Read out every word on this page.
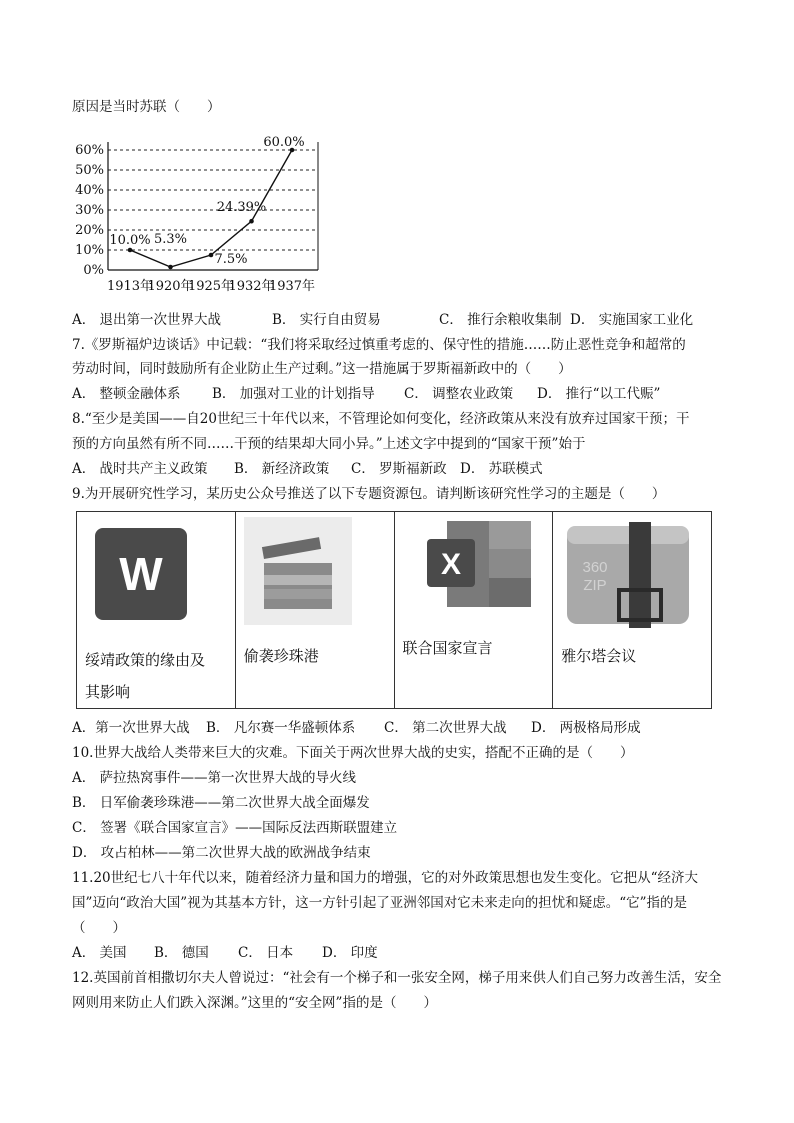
原因是当时苏联（　　）
0%
10%
20%
30%
40%
50%
60%
1913年
1920年
1925年
1932年
1937年
10.0% 5.3%
7.5%
24.39%
60.0%
A． 退出第一次世界大战	B． 实行自由贸易	C． 推行余粮收集制 D． 实施国家工业化
7.《罗斯福炉边谈话》中记载：“我们将采取经过慎重考虑的、保守性的措施……防止恶性竞争和超常的
劳动时间，同时鼓励所有企业防止生产过剩。”这一措施属于罗斯福新政中的（　　）
A． 整顿金融体系 B． 加强对工业的计划指导 C． 调整农业政策 D． 推行“以工代赈”
8.“至少是美国——自20世纪三十年代以来，不管理论如何变化，经济政策从来没有放弃过国家干预；干
预的方向虽然有所不同……干预的结果却大同小异。”上述文字中提到的“国家干预”始于
A． 战时共产主义政策 B． 新经济政策 C． 罗斯福新政 D． 苏联模式
9.为开展研究性学习，某历史公众号推送了以下专题资源包。请判断该研究性学习的主题是（　　）
W
绥靖政策的缘由及
其影响

偷袭珍珠港

X
联合国家宣言

360
ZIP
雅尔塔会议
A．第一次世界大战 B． 凡尔赛一华盛顿体系 C． 第二次世界大战 D． 两极格局形成
10.世界大战给人类带来巨大的灾难。下面关于两次世界大战的史实，搭配不正确的是（　　）
A． 萨拉热窝事件——第一次世界大战的导火线
B． 日军偷袭珍珠港——第二次世界大战全面爆发
C． 签署《联合国家宣言》——国际反法西斯联盟建立
D． 攻占柏林——第二次世界大战的欧洲战争结束
11.20世纪七八十年代以来，随着经济力量和国力的增强，它的对外政策思想也发生变化。它把从“经济大国”迈向“政治大国”视为其基本方针，这一方针引起了亚洲邻国对它未来走向的担忧和疑虑。“它”指的是（　　）
A． 美国 B． 德国 C． 日本 D． 印度
12.英国前首相撒切尔夫人曾说过：“社会有一个梯子和一张安全网，梯子用来供人们自己努力改善生活，安全网则用来防止人们跌入深渊。”这里的“安全网”指的是（　　）
